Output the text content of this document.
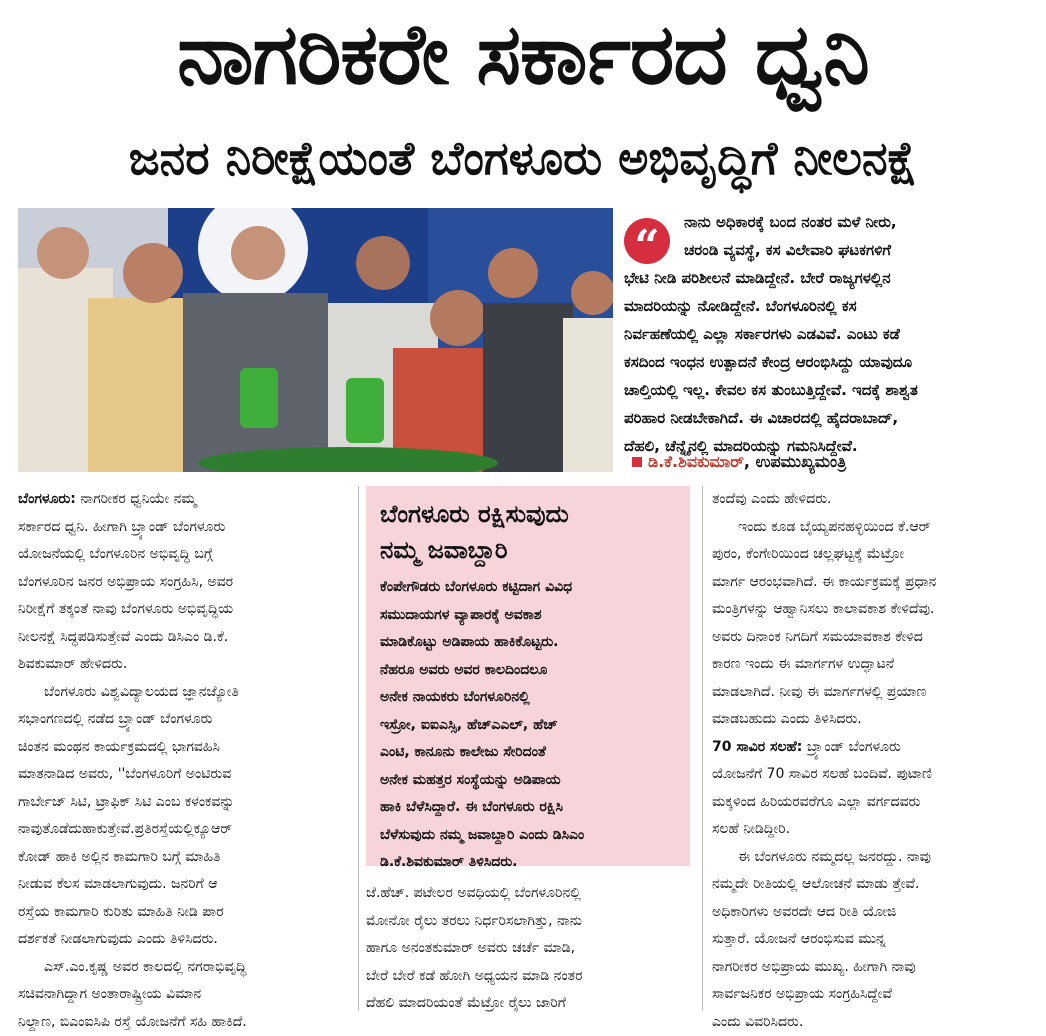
ನಾಗರಿಕರೇ ಸರ್ಕಾರದ ಧ್ವನಿ
ಜನರ ನಿರೀಕ್ಷೆಯಂತೆ ಬೆಂಗಳೂರು ಅಭಿವೃದ್ಧಿಗೆ ನೀಲನಕ್ಷೆ
“	ನಾನು ಅಧಿಕಾರಕ್ಕೆ ಬಂದ ನಂತರ ಮಳೆ ನೀರು,
ಚರಂಡಿ ವ್ಯವಸ್ಥೆ, ಕಸ ವಿಲೇವಾರಿ ಘಟಕಗಳಿಗೆ
ಭೇಟಿ ನೀಡಿ ಪರಿಶೀಲನೆ ಮಾಡಿದ್ದೇನೆ. ಬೇರೆ ರಾಜ್ಯಗಳಲ್ಲಿನ
ಮಾದರಿಯನ್ನು ನೋಡಿದ್ದೇನೆ. ಬೆಂಗಳೂರಿನಲ್ಲಿ ಕಸ
ನಿರ್ವಹಣೆಯಲ್ಲಿ ಎಲ್ಲಾ ಸರ್ಕಾರಗಳು ಎಡವಿವೆ. ಎಂಟು ಕಡೆ
ಕಸದಿಂದ ಇಂಧನ ಉತ್ಪಾದನೆ ಕೇಂದ್ರ ಆರಂಭಿಸಿದ್ದು ಯಾವುದೂ
ಚಾಲ್ತಿಯಲ್ಲಿ ಇಲ್ಲ. ಕೇವಲ ಕಸ ತುಂಬುತ್ತಿದ್ದೇವೆ. ಇದಕ್ಕೆ ಶಾಶ್ವತ
ಪರಿಹಾರ ನೀಡಬೇಕಾಗಿದೆ. ಈ ವಿಚಾರದಲ್ಲಿ ಹೈದರಾಬಾದ್,
ದೆಹಲಿ, ಚೆನ್ನೈನಲ್ಲಿ ಮಾದರಿಯನ್ನು ಗಮನಿಸಿದ್ದೇವೆ.

ಡಿ.ಕೆ.ಶಿವಕುಮಾರ್, ಉಪಮುಖ್ಯಮಂತ್ರಿ

ಬೆಂಗಳೂರು: ನಾಗರೀಕರ ಧ್ವನಿಯೇ ನಮ್ಮ
ಸರ್ಕಾರದ ಧ್ವನಿ. ಹೀಗಾಗಿ ಬ್ರ್ಯಾಂಡ್ ಬೆಂಗಳೂರು
ಯೋಜನೆಯಲ್ಲಿ ಬೆಂಗಳೂರಿನ ಅಭಿವೃದ್ಧಿ ಬಗ್ಗೆ
ಬೆಂಗಳೂರಿನ ಜನರ ಅಭಿಪ್ರಾಯ ಸಂಗ್ರಹಿಸಿ, ಅವರ
ನಿರೀಕ್ಷೆಗೆ ತಕ್ಕಂತೆ ನಾವು ಬೆಂಗಳೂರು ಅಭಿವೃದ್ಧಿಯ
ನೀಲನಕ್ಷೆ ಸಿದ್ಧಪಡಿಸುತ್ತೇವೆ ಎಂದು ಡಿಸಿಎಂ ಡಿ.ಕೆ.
ಶಿವಕುಮಾರ್ ಹೇಳಿದರು.

ಬೆಂಗಳೂರು ವಿಶ್ವವಿದ್ಯಾಲಯದ ಜ್ಞಾನಜ್ಯೋತಿ
ಸಭಾಂಗಣದಲ್ಲಿ ನಡೆದ ಬ್ರ್ಯಾಂಡ್ ಬೆಂಗಳೂರು
ಚಿಂತನ ಮಂಥನ ಕಾರ್ಯಕ್ರಮದಲ್ಲಿ ಭಾಗವಹಿಸಿ
ಮಾತನಾಡಿದ ಅವರು, ''ಬೆಂಗಳೂರಿಗೆ ಅಂಟಿರುವ
ಗಾರ್ಬೇಜ್ ಸಿಟಿ, ಟ್ರಾಫಿಕ್ ಸಿಟಿ ಎಂಬ ಕಳಂಕವನ್ನು
ನಾವುತೊಡೆದುಹಾಕುತ್ತೇವೆ.ಪ್ರತಿರಸ್ತೆಯಲ್ಲಿಕ್ಯೂಆರ್
ಕೋಡ್ ಹಾಕಿ ಅಲ್ಲಿನ ಕಾಮಗಾರಿ ಬಗ್ಗೆ ಮಾಹಿತಿ
ನೀಡುವ ಕೆಲಸ ಮಾಡಲಾಗುವುದು. ಜನರಿಗೆ ಆ
ರಸ್ತೆಯ ಕಾಮಗಾರಿ ಕುರಿತು ಮಾಹಿತಿ ನೀಡಿ ಪಾರ
ದರ್ಶಕತೆ ನೀಡಲಾಗುವುದು ಎಂದು ತಿಳಿಸಿದರು.

ಎಸ್.ಎಂ.ಕೃಷ್ಣ ಅವರ ಕಾಲದಲ್ಲಿ ನಗರಾಭಿವೃದ್ಧಿ
ಸಚಿವನಾಗಿದ್ದಾಗ ಅಂತಾರಾಷ್ಟ್ರೀಯ ವಿಮಾನ
ನಿಲ್ದಾಣ, ಬಿಎಂಐಸಿಪಿ ರಸ್ತೆ ಯೋಜನೆಗೆ ಸಹಿ ಹಾಕಿದೆ.

ಬೆಂಗಳೂರು ರಕ್ಷಿಸುವುದು
ನಮ್ಮ ಜವಾಬ್ದಾರಿ
ಕೆಂಪೇಗೌಡರು ಬೆಂಗಳೂರು ಕಟ್ಟಿದಾಗ ವಿವಿಧ
ಸಮುದಾಯಗಳ ವ್ಯಾಪಾರಕ್ಕೆ ಅವಕಾಶ
ಮಾಡಿಕೊಟ್ಟು ಅಡಿಪಾಯ ಹಾಕಿಕೊಟ್ಟರು.
ನೆಹರೂ ಅವರು ಅವರ ಕಾಲದಿಂದಲೂ
ಅನೇಕ ನಾಯಕರು ಬೆಂಗಳೂರಿನಲ್ಲಿ
ಇಸ್ರೋ, ಐಐಎಸ್ಸಿ, ಹೆಚ್‌ಎಎಲ್, ಹೆಚ್
ಎಂಟಿ, ಕಾನೂನು ಕಾಲೇಜು ಸೇರಿದಂತೆ
ಅನೇಕ ಮಹತ್ತರ ಸಂಸ್ಥೆಯನ್ನು ಅಡಿಪಾಯ
ಹಾಕಿ ಬೆಳೆಸಿದ್ದಾರೆ. ಈ ಬೆಂಗಳೂರು ರಕ್ಷಿಸಿ
ಬೆಳೆಸುವುದು ನಮ್ಮ ಜವಾಬ್ದಾರಿ ಎಂದು ಡಿಸಿಎಂ
ಡಿ.ಕೆ.ಶಿವಕುಮಾರ್ ತಿಳಿಸಿದರು.

ಜೆ.ಹೆಚ್. ಪಟೇಲರ ಅವಧಿಯಲ್ಲಿ ಬೆಂಗಳೂರಿನಲ್ಲಿ
ಮೋನೋ ರೈಲು ತರಲು ನಿರ್ಧರಿಸಲಾಗಿತ್ತು, ನಾನು
ಹಾಗೂ ಅನಂತಕುಮಾರ್ ಅವರು ಚರ್ಚೆ ಮಾಡಿ,
ಬೇರೆ ಬೇರೆ ಕಡೆ ಹೋಗಿ ಅಧ್ಯಯನ ಮಾಡಿ ನಂತರ
ದೆಹಲಿ ಮಾದರಿಯಂತೆ ಮೆಟ್ರೋ ರೈಲು ಜಾರಿಗೆ

ತಂದೆವು ಎಂದು ಹೇಳಿದರು.

ಇಂದು ಕೂಡ ಬೈಯ್ಯಪನಹಳ್ಳಿಯಿಂದ ಕೆ.ಆರ್
ಪುರಂ, ಕೆಂಗೇರಿಯಿಂದ ಚಲ್ಲಘಟ್ಟಕ್ಕೆ ಮೆಟ್ರೋ
ಮಾರ್ಗ ಆರಂಭವಾಗಿದೆ. ಈ ಕಾರ್ಯಕ್ರಮಕ್ಕೆ ಪ್ರಧಾನ
ಮಂತ್ರಿಗಳನ್ನು ಆಹ್ವಾನಿಸಲು ಕಾಲಾವಕಾಶ ಕೇಳಿದೆವು.
ಅವರು ದಿನಾಂಕ ನಿಗದಿಗೆ ಸಮಯಾವಕಾಶ ಕೇಳಿದ
ಕಾರಣ ಇಂದು ಈ ಮಾರ್ಗಗಳ ಉದ್ಘಾಟನೆ
ಮಾಡಲಾಗಿದೆ. ನೀವು ಈ ಮಾರ್ಗಗಳಲ್ಲಿ ಪ್ರಯಾಣ
ಮಾಡಬಹುದು ಎಂದು ತಿಳಿಸಿದರು.

70 ಸಾವಿರ ಸಲಹೆ: ಬ್ರ್ಯಾಂಡ್ ಬೆಂಗಳೂರು
ಯೋಜನೆಗೆ 70 ಸಾವಿರ ಸಲಹೆ ಬಂದಿವೆ. ಪುಟಾಣಿ
ಮಕ್ಕಳಿಂದ ಹಿರಿಯರವರೆಗೂ ಎಲ್ಲಾ ವರ್ಗದವರು
ಸಲಹೆ ನೀಡಿದ್ದೀರಿ.

ಈ ಬೆಂಗಳೂರು ನಮ್ಮದಲ್ಲ ಜನರದ್ದು. ನಾವು
ನಮ್ಮದೇ ರೀತಿಯಲ್ಲಿ ಆಲೋಚನೆ ಮಾಡು ತ್ತೇವೆ.
ಅಧಿಕಾರಿಗಳು ಅವರದೇ ಆದ ರೀತಿ ಯೋಜಿ
ಸುತ್ತಾರೆ. ಯೋಜನೆ ಆರಂಭಿಸುವ ಮುನ್ನ
ನಾಗರೀಕರ ಅಭಿಪ್ರಾಯ ಮುಖ್ಯ. ಹೀಗಾಗಿ ನಾವು
ಸಾರ್ವಜನಿಕರ ಅಭಿಪ್ರಾಯ ಸಂಗ್ರಹಿಸಿದ್ದೇವೆ
ಎಂದು ವಿವರಿಸಿದರು.
